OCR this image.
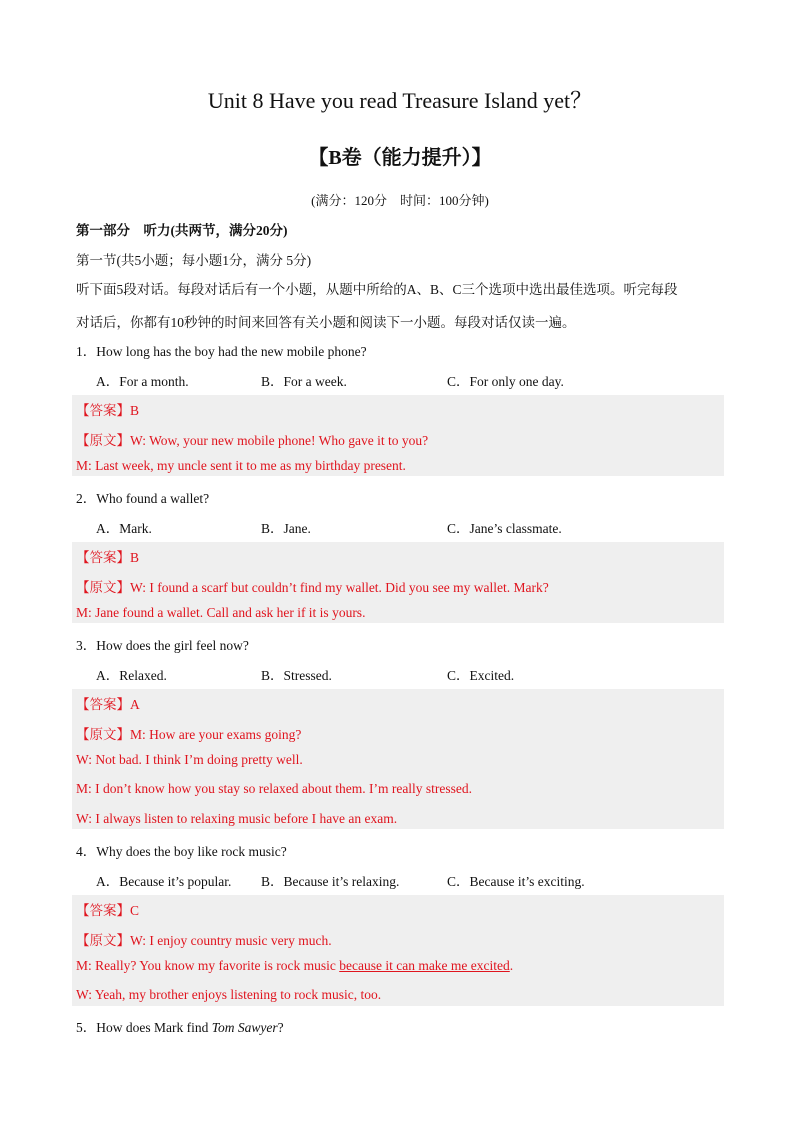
Unit 8 Have you read Treasure Island yet？
【B卷（能力提升）】
(满分：120分　时间：100分钟)
第一部分　听力(共两节，满分20分)
第一节(共5小题；每小题1分，满分 5分)
听下面5段对话。每段对话后有一个小题，从题中所给的A、B、C三个选项中选出最佳选项。听完每段
对话后，你都有10秒钟的时间来回答有关小题和阅读下一小题。每段对话仅读一遍。
1．How long has the boy had the new mobile phone?
A．For a month.	B．For a week.	C．For only one day.
【答案】B
【原文】W: Wow, your new mobile phone! Who gave it to you?
M: Last week, my uncle sent it to me as my birthday present.
2．Who found a wallet?
A．Mark.	B．Jane.	C．Jane’s classmate.
【答案】B
【原文】W: I found a scarf but couldn’t find my wallet. Did you see my wallet. Mark?
M: Jane found a wallet. Call and ask her if it is yours.
3．How does the girl feel now?
A．Relaxed.	B．Stressed.	C．Excited.
【答案】A
【原文】M: How are your exams going?
W: Not bad. I think I’m doing pretty well.
M: I don’t know how you stay so relaxed about them. I’m really stressed.
W: I always listen to relaxing music before I have an exam.
4．Why does the boy like rock music?
A．Because it’s popular. B．Because it’s relaxing.	C．Because it’s exciting.
【答案】C
【原文】W: I enjoy country music very much.
M: Really? You know my favorite is rock music because it can make me excited.
W: Yeah, my brother enjoys listening to rock music, too.
5．How does Mark find Tom Sawyer?
